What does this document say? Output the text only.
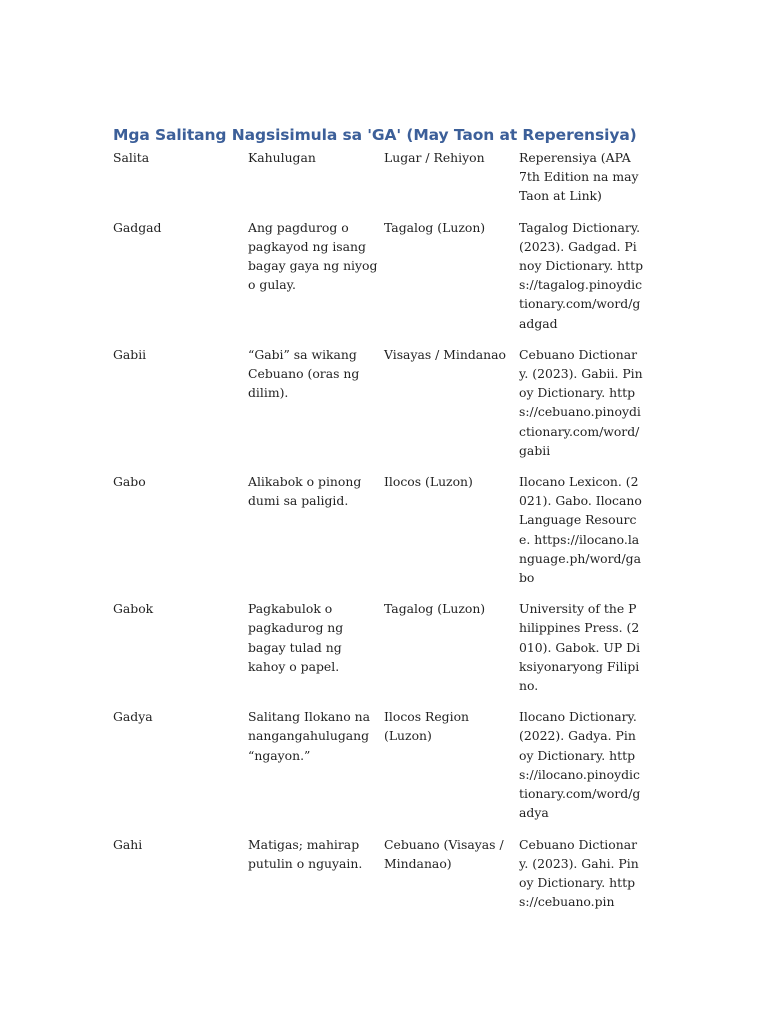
Mga Salitang Nagsisimula sa 'GA' (May Taon at Reperensiya)
Salita	Kahulugan	Lugar / Rehiyon	Reperensiya (APA 7th Edition na may Taon at Link)
Gadgad	Ang pagdurog o pagkayod ng isang bagay gaya ng niyog o gulay.	Tagalog (Luzon)	Tagalog Dictionary. (2023). Gadgad. Pinoy Dictionary. https://tagalog.pinoydictionary.com/word/gadgad
Gabii	“Gabi” sa wikang Cebuano (oras ng dilim).	Visayas / Mindanao	Cebuano Dictionary. (2023). Gabii. Pinoy Dictionary. https://cebuano.pinoydictionary.com/word/gabii
Gabo	Alikabok o pinong dumi sa paligid.	Ilocos (Luzon)	Ilocano Lexicon. (2021). Gabo. Ilocano Language Resource. https://ilocano.language.ph/word/gabo
Gabok	Pagkabulok o pagkadurog ng bagay tulad ng kahoy o papel.	Tagalog (Luzon)	University of the Philippines Press. (2010). Gabok. UP Diksiyonaryong Filipino.
Gadya	Salitang Ilokano na nangangahulugang “ngayon.”	Ilocos Region (Luzon)	Ilocano Dictionary. (2022). Gadya. Pinoy Dictionary. https://ilocano.pinoydictionary.com/word/gadya
Gahi	Matigas; mahirap putulin o nguyain.	Cebuano (Visayas / Mindanao)	Cebuano Dictionary. (2023). Gahi. Pinoy Dictionary. https://cebuano.pin
